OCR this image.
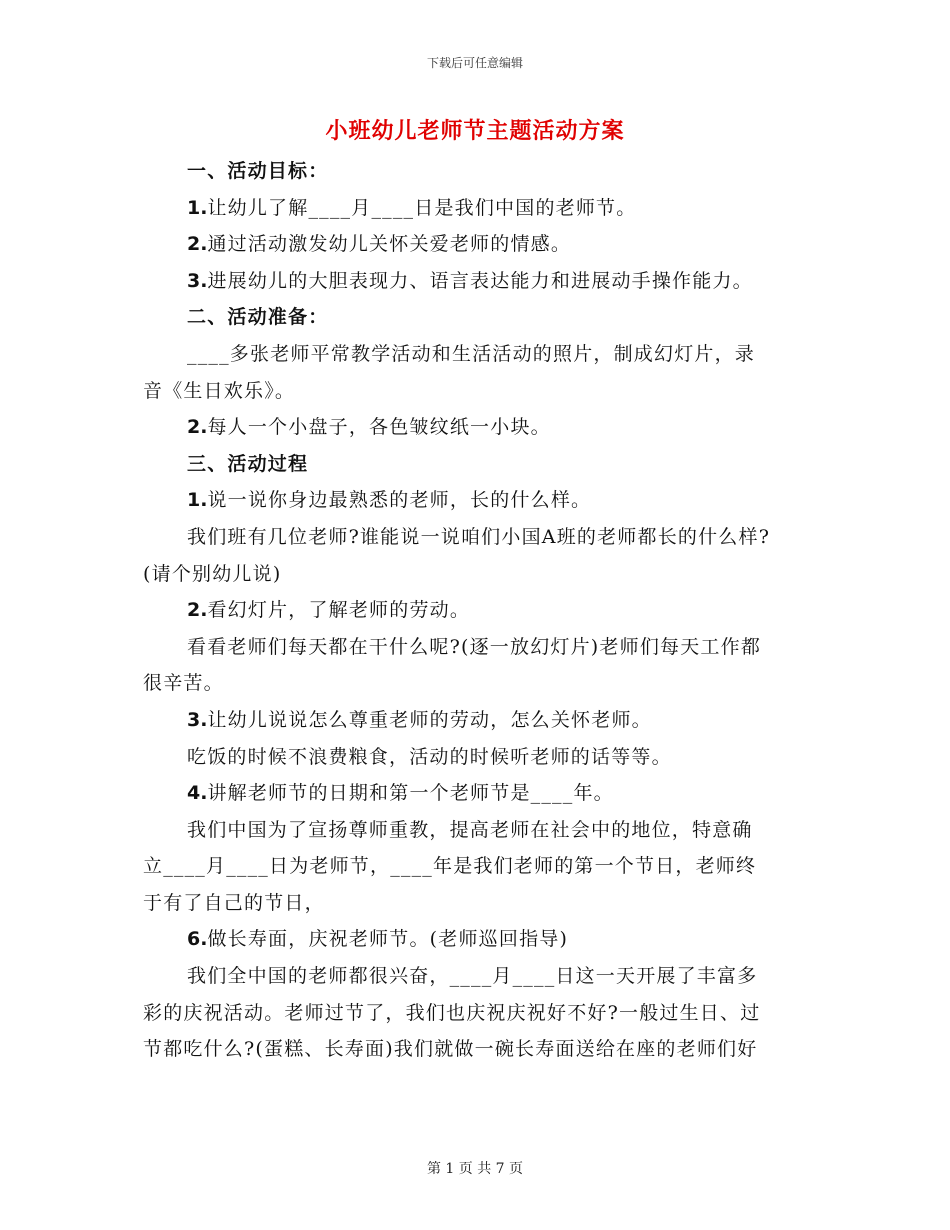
下载后可任意编辑
小班幼儿老师节主题活动方案

一、活动目标：

1.让幼儿了解____月____日是我们中国的老师节。

2.通过活动激发幼儿关怀关爱老师的情感。

3.进展幼儿的大胆表现力、语言表达能力和进展动手操作能力。

二、活动准备：

____多张老师平常教学活动和生活活动的照片，制成幻灯片，录

音《生日欢乐》。

2.每人一个小盘子，各色皱纹纸一小块。

三、活动过程

1.说一说你身边最熟悉的老师，长的什么样。

我们班有几位老师?谁能说一说咱们小国A班的老师都长的什么样?

(请个别幼儿说)

2.看幻灯片，了解老师的劳动。

看看老师们每天都在干什么呢?(逐一放幻灯片)老师们每天工作都

很辛苦。

3.让幼儿说说怎么尊重老师的劳动，怎么关怀老师。

吃饭的时候不浪费粮食，活动的时候听老师的话等等。

4.讲解老师节的日期和第一个老师节是____年。

我们中国为了宣扬尊师重教，提高老师在社会中的地位，特意确

立____月____日为老师节，____年是我们老师的第一个节日，老师终

于有了自己的节日，

6.做长寿面，庆祝老师节。(老师巡回指导)

我们全中国的老师都很兴奋，____月____日这一天开展了丰富多

彩的庆祝活动。老师过节了，我们也庆祝庆祝好不好?一般过生日、过

节都吃什么?(蛋糕、长寿面)我们就做一碗长寿面送给在座的老师们好

第 1 页 共 7 页
